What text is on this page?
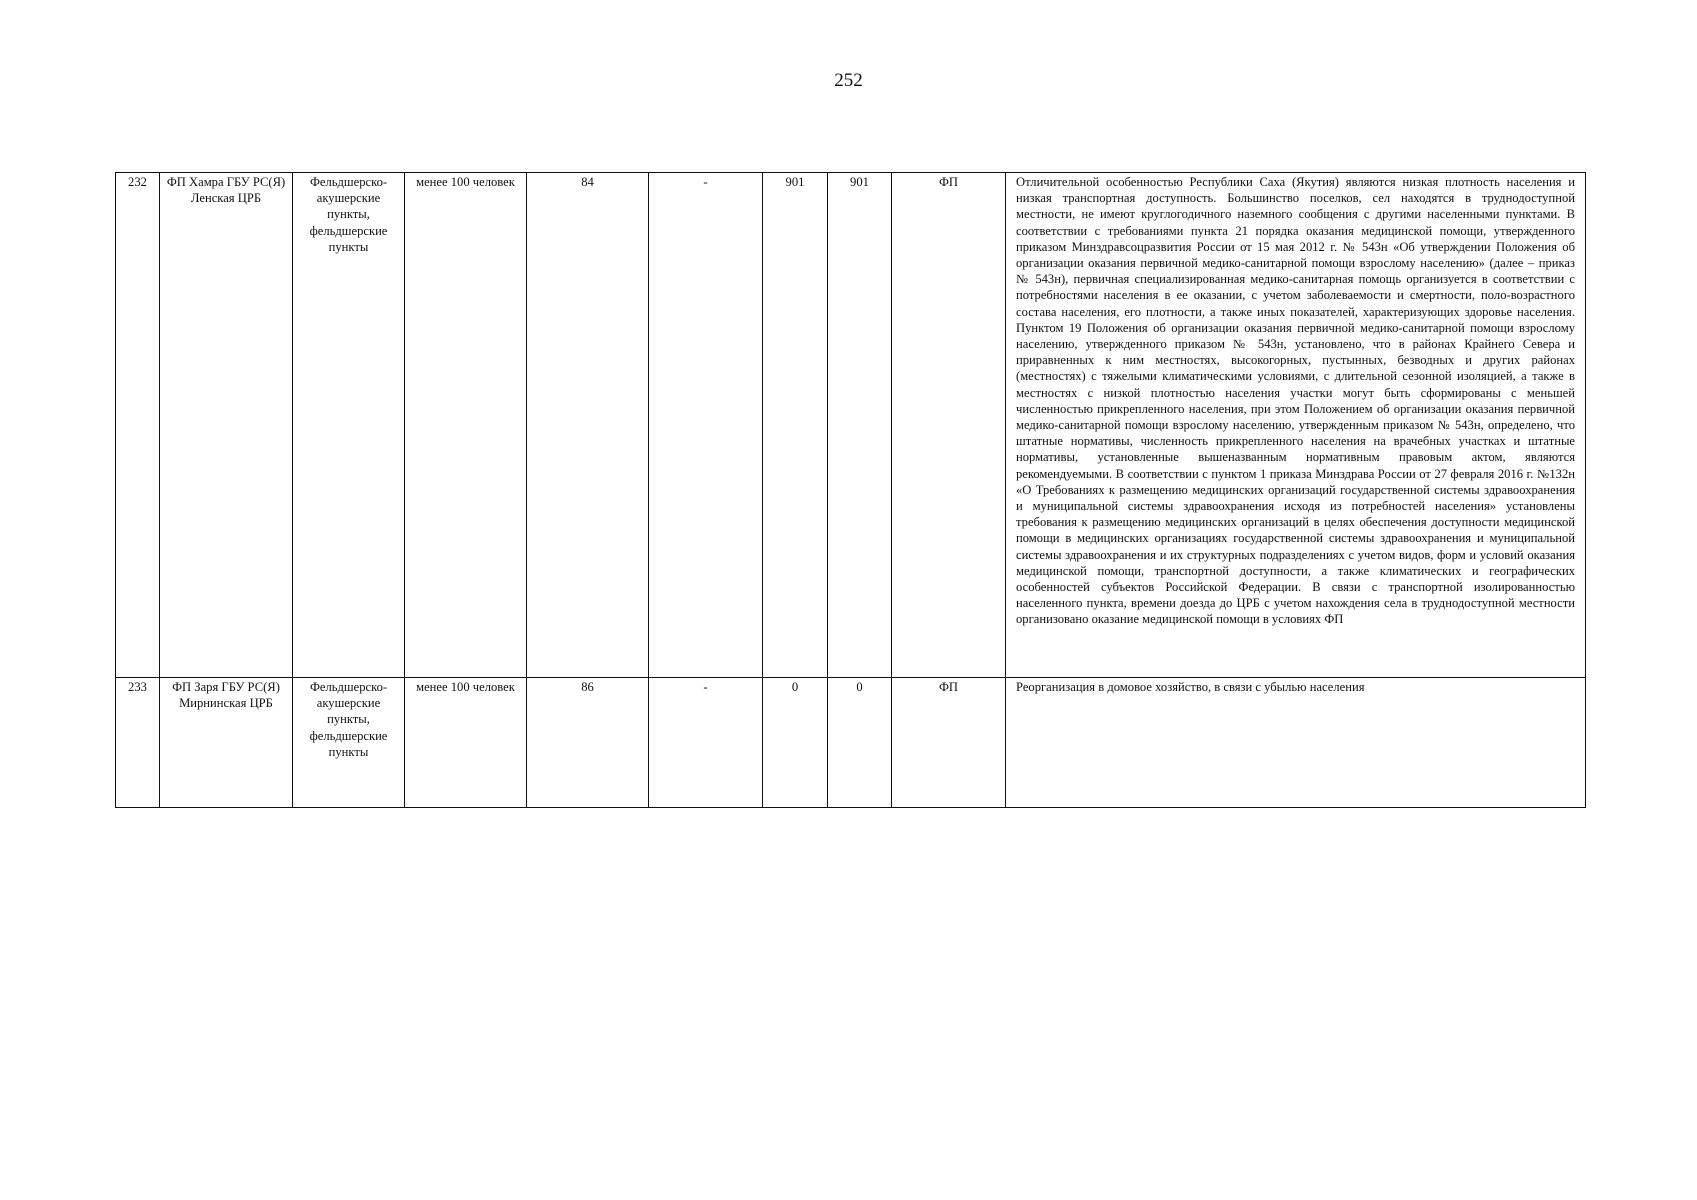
252
232	ФП Хамра ГБУ РС(Я) Ленская ЦРБ	Фельдшерско-акушерские пункты, фельдшерские пункты	менее 100 человек	84	-	901	901	ФП	Отличительной особенностью Республики Саха (Якутия) являются низкая плотность населения и низкая транспортная доступность. Большинство поселков, сел находятся в труднодоступной местности, не имеют круглогодичного наземного сообщения с другими населенными пунктами. В соответствии с требованиями пункта 21 порядка оказания медицинской помощи, утвержденного приказом Минздравсоцразвития России от 15 мая 2012 г. № 543н «Об утверждении Положения об организации оказания первичной медико-санитарной помощи взрослому населению» (далее – приказ № 543н), первичная специализированная медико-санитарная помощь организуется в соответствии с потребностями населения в ее оказании, с учетом заболеваемости и смертности, поло-возрастного состава населения, его плотности, а также иных показателей, характеризующих здоровье населения. Пунктом 19 Положения об организации оказания первичной медико-санитарной помощи взрослому населению, утвержденного приказом № 543н, установлено, что в районах Крайнего Севера и приравненных к ним местностях, высокогорных, пустынных, безводных и других районах (местностях) с тяжелыми климатическими условиями, с длительной сезонной изоляцией, а также в местностях с низкой плотностью населения участки могут быть сформированы с меньшей численностью прикрепленного населения, при этом Положением об организации оказания первичной медико-санитарной помощи взрослому населению, утвержденным приказом № 543н, определено, что штатные нормативы, численность прикрепленного населения на врачебных участках и штатные нормативы, установленные вышеназванным нормативным правовым актом, являются рекомендуемыми. В соответствии с пунктом 1 приказа Минздрава России от 27 февраля 2016 г. №132н «О Требованиях к размещению медицинских организаций государственной системы здравоохранения и муниципальной системы здравоохранения исходя из потребностей населения» установлены требования к размещению медицинских организаций в целях обеспечения доступности медицинской помощи в медицинских организациях государственной системы здравоохранения и муниципальной системы здравоохранения и их структурных подразделениях с учетом видов, форм и условий оказания медицинской помощи, транспортной доступности, а также климатических и географических особенностей субъектов Российской Федерации. В связи с транспортной изолированностью населенного пункта, времени доезда до ЦРБ с учетом нахождения села в труднодоступной местности организовано оказание медицинской помощи в условиях ФП
233	ФП Заря ГБУ РС(Я) Мирнинская ЦРБ	Фельдшерско-акушерские пункты, фельдшерские пункты	менее 100 человек	86	-	0	0	ФП	Реорганизация в домовое хозяйство, в связи с убылью населения
